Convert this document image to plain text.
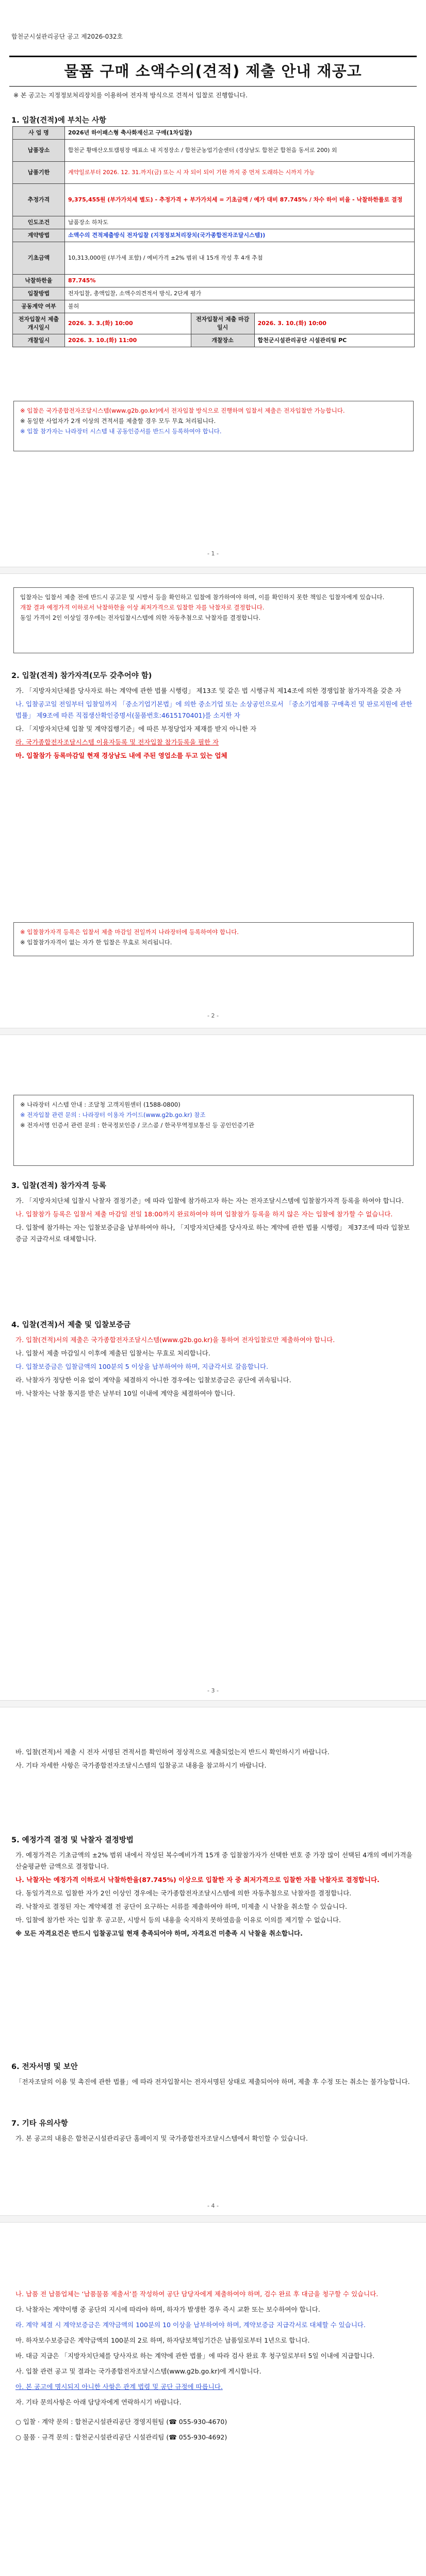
합천군시설관리공단 공고 제2026-032호
물품 구매 소액수의(견적) 제출 안내 재공고
※ 본 공고는 지정정보처리장치를 이용하여 전자적 방식으로 견적서 입찰로 진행합니다.
1. 입찰(견적)에 부치는 사항
사 업 명	2026년 하이패스형 축사화재신고 구매(1차입찰)		
납품장소	합천군 황매산오토캠핑장 매표소 내 지정장소 / 합천군농업기술센터 (경상남도 합천군 합천읍 동서로 200) 외		
납품기한	계약일로부터 2026. 12. 31.까지(금) 또는 시 자 되이 되이 기한 까지 중 먼저 도래하는 시까지 가능		
추정가격	9,375,455원 (부가가치세 별도) - 추정가격 + 부가가치세 = 기초금액 / 예가 대비 87.745% / 차수 하이 비율 - 낙찰하한률로 결정		
인도조건	납품장소 하차도		
계약방법	소액수의 견적제출방식 전자입찰 (지정정보처리장치(국가종합전자조달시스템))		
기초금액	10,313,000원 (부가세 포함) / 예비가격 ±2% 범위 내 15개 작성 후 4개 추첨		
낙찰하한율	87.745%		
입찰방법	전자입찰, 총액입찰, 소액수의견적서 방식, 2단계 평가		
공동계약 여부	불허		
전자입찰서 제출 개시일시	2026. 3. 3.(화) 10:00	전자입찰서 제출 마감일시	2026. 3. 10.(화) 10:00
개찰일시	2026. 3. 10.(화) 11:00	개찰장소	합천군시설관리공단 시설관리팀 PC
※ 입찰은 국가종합전자조달시스템(www.g2b.go.kr)에서 전자입찰 방식으로 진행하며 입찰서 제출은 전자입찰만 가능합니다.
※ 동일한 사업자가 2개 이상의 견적서를 제출할 경우 모두 무효 처리됩니다.
※ 입찰 참가자는 나라장터 시스템 내 공동인증서를 반드시 등록하여야 합니다.
- 1 -
입찰자는 입찰서 제출 전에 반드시 공고문 및 시방서 등을 확인하고 입찰에 참가하여야 하며, 이를 확인하지 못한 책임은 입찰자에게 있습니다.
개찰 결과 예정가격 이하로서 낙찰하한율 이상 최저가격으로 입찰한 자를 낙찰자로 결정합니다.
동일 가격이 2인 이상일 경우에는 전자입찰시스템에 의한 자동추첨으로 낙찰자를 결정합니다.
2. 입찰(견적) 참가자격(모두 갖추어야 함)

가. 「지방자치단체를 당사자로 하는 계약에 관한 법률 시행령」 제13조 및 같은 법 시행규칙 제14조에 의한 경쟁입찰 참가자격을 갖춘 자

나. 입찰공고일 전일부터 입찰일까지 「중소기업기본법」에 의한 중소기업 또는 소상공인으로서 「중소기업제품 구매촉진 및 판로지원에 관한 법률」 제9조에 따른 직접생산확인증명서(물품번호:4615170401)를 소지한 자

다. 「지방자치단체 입찰 및 계약집행기준」에 따른 부정당업자 제재를 받지 아니한 자

라. 국가종합전자조달시스템 이용자등록 및 전자입찰 참가등록을 필한 자

마. 입찰참가 등록마감일 현재 경상남도 내에 주된 영업소를 두고 있는 업체

※ 입찰참가자격 등록은 입찰서 제출 마감일 전일까지 나라장터에 등록하여야 합니다.
※ 입찰참가자격이 없는 자가 한 입찰은 무효로 처리됩니다.
- 2 -
※ 나라장터 시스템 안내 : 조달청 고객지원센터 (1588-0800)
※ 전자입찰 관련 문의 : 나라장터 이용자 가이드(www.g2b.go.kr) 참조
※ 전자서명 인증서 관련 문의 : 한국정보인증 / 코스콤 / 한국무역정보통신 등 공인인증기관
3. 입찰(견적) 참가자격 등록

가. 「지방자치단체 입찰시 낙찰자 결정기준」에 따라 입찰에 참가하고자 하는 자는 전자조달시스템에 입찰참가자격 등록을 하여야 합니다.

나. 입찰참가 등록은 입찰서 제출 마감일 전일 18:00까지 완료하여야 하며 입찰참가 등록을 하지 않은 자는 입찰에 참가할 수 없습니다.

다. 입찰에 참가하는 자는 입찰보증금을 납부하여야 하나, 「지방자치단체를 당사자로 하는 계약에 관한 법률 시행령」 제37조에 따라 입찰보증금 지급각서로 대체합니다.

4. 입찰(견적)서 제출 및 입찰보증금

가. 입찰(견적)서의 제출은 국가종합전자조달시스템(www.g2b.go.kr)을 통하여 전자입찰로만 제출하여야 합니다.

나. 입찰서 제출 마감일시 이후에 제출된 입찰서는 무효로 처리합니다.

다. 입찰보증금은 입찰금액의 100분의 5 이상을 납부하여야 하며, 지급각서로 갈음합니다.

라. 낙찰자가 정당한 이유 없이 계약을 체결하지 아니한 경우에는 입찰보증금은 공단에 귀속됩니다.

마. 낙찰자는 낙찰 통지를 받은 날부터 10일 이내에 계약을 체결하여야 합니다.

- 3 -

바. 입찰(견적)서 제출 시 전자 서명된 견적서를 확인하여 정상적으로 제출되었는지 반드시 확인하시기 바랍니다.

사. 기타 자세한 사항은 국가종합전자조달시스템의 입찰공고 내용을 참고하시기 바랍니다.

5. 예정가격 결정 및 낙찰자 결정방법

가. 예정가격은 기초금액의 ±2% 범위 내에서 작성된 복수예비가격 15개 중 입찰참가자가 선택한 번호 중 가장 많이 선택된 4개의 예비가격을 산술평균한 금액으로 결정합니다.

나. 낙찰자는 예정가격 이하로서 낙찰하한율(87.745%) 이상으로 입찰한 자 중 최저가격으로 입찰한 자를 낙찰자로 결정합니다.

다. 동일가격으로 입찰한 자가 2인 이상인 경우에는 국가종합전자조달시스템에 의한 자동추첨으로 낙찰자를 결정합니다.

라. 낙찰자로 결정된 자는 계약체결 전 공단이 요구하는 서류를 제출하여야 하며, 미제출 시 낙찰을 취소할 수 있습니다.

마. 입찰에 참가한 자는 입찰 후 공고문, 시방서 등의 내용을 숙지하지 못하였음을 이유로 이의를 제기할 수 없습니다.

※ 모든 자격요건은 반드시 입찰공고일 현재 충족되어야 하며, 자격요건 미충족 시 낙찰을 취소합니다.

6. 전자서명 및 보안
「전자조달의 이용 및 촉진에 관한 법률」에 따라 전자입찰서는 전자서명된 상태로 제출되어야 하며, 제출 후 수정 또는 취소는 불가능합니다.
7. 기타 유의사항

가. 본 공고의 내용은 합천군시설관리공단 홈페이지 및 국가종합전자조달시스템에서 확인할 수 있습니다.

- 4 -

나. 납품 전 납품업체는 ‘납품물품 제출서’를 작성하여 공단 담당자에게 제출하여야 하며, 검수 완료 후 대금을 청구할 수 있습니다.

다. 낙찰자는 계약이행 중 공단의 지시에 따라야 하며, 하자가 발생한 경우 즉시 교환 또는 보수하여야 합니다.

라. 계약 체결 시 계약보증금은 계약금액의 100분의 10 이상을 납부하여야 하며, 계약보증금 지급각서로 대체할 수 있습니다.

마. 하자보수보증금은 계약금액의 100분의 2로 하며, 하자담보책임기간은 납품일로부터 1년으로 합니다.

바. 대금 지급은 「지방자치단체를 당사자로 하는 계약에 관한 법률」에 따라 검사 완료 후 청구일로부터 5일 이내에 지급합니다.

사. 입찰 관련 공고 및 결과는 국가종합전자조달시스템(www.g2b.go.kr)에 게시합니다.

아. 본 공고에 명시되지 아니한 사항은 관계 법령 및 공단 규정에 따릅니다.

자. 기타 문의사항은 아래 담당자에게 연락하시기 바랍니다.

○ 입찰 · 계약 문의 : 합천군시설관리공단 경영지원팀 (☎ 055-930-4670)

○ 물품 · 규격 문의 : 합천군시설관리공단 시설관리팀 (☎ 055-930-4692)
